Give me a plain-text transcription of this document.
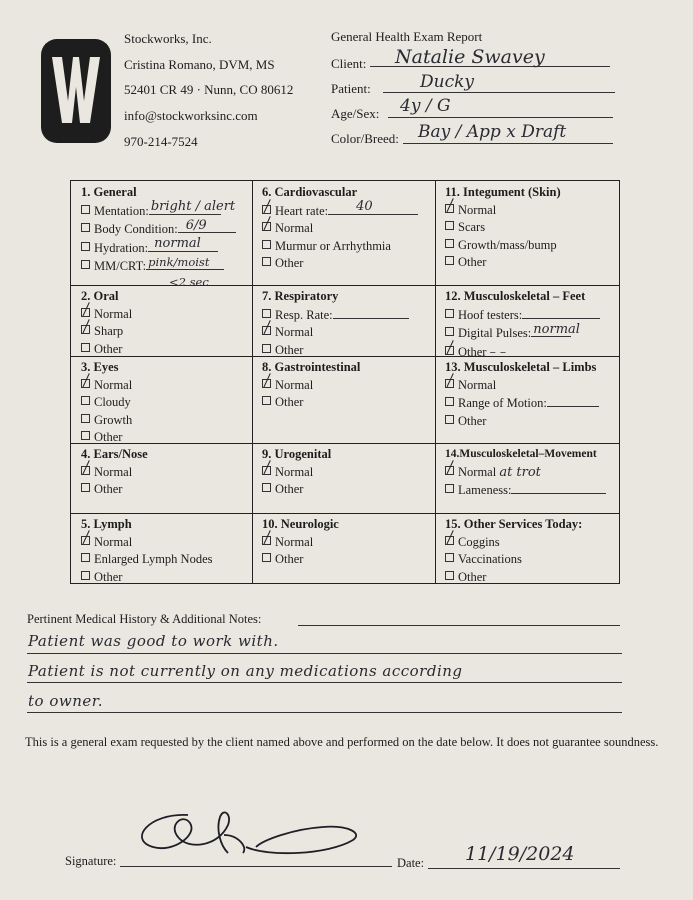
Stockworks, Inc.
Cristina Romano, DVM, MS
52401 CR 49 · Nunn, CO 80612
info@stockworksinc.com
970-214-7524
General Health Exam Report
Client: Natalie Swavey
Patient:	Ducky
Age/Sex: 4y / G
Color/Breed: Bay / App x Draft
1. General
Mentation: bright / alert
Body Condition: 6/9
Hydration: normal
MM/CRT: pink/moist
<2 sec
6. Cardiovascular
Heart rate: 40
Normal
Murmur or Arrhythmia
Other
11. Integument (Skin)
Normal
Scars
Growth/mass/bump
Other
2. Oral
Normal
Sharp
Other
7. Respiratory
Resp. Rate:
Normal
Other
12. Musculoskeletal – Feet
Hoof testers:
Digital Pulses: normal
Other – –
3. Eyes
Normal
Cloudy
Growth
Other
8. Gastrointestinal
Normal
Other
13. Musculoskeletal – Limbs
Normal
Range of Motion:
Other
4. Ears/Nose
Normal
Other
9. Urogenital
Normal
Other
14.Musculoskeletal–Movement
Normal at trot
Lameness:
5. Lymph
Normal
Enlarged Lymph Nodes
Other
10. Neurologic
Normal
Other
15. Other Services Today:
Coggins
Vaccinations
Other
Pertinent Medical History & Additional Notes:
Patient was good to work with.
Patient is not currently on any medications according
to owner.
This is a general exam requested by the client named above and performed on the date below. It does not guarantee soundness.
Signature:	Date: 11/19/2024
